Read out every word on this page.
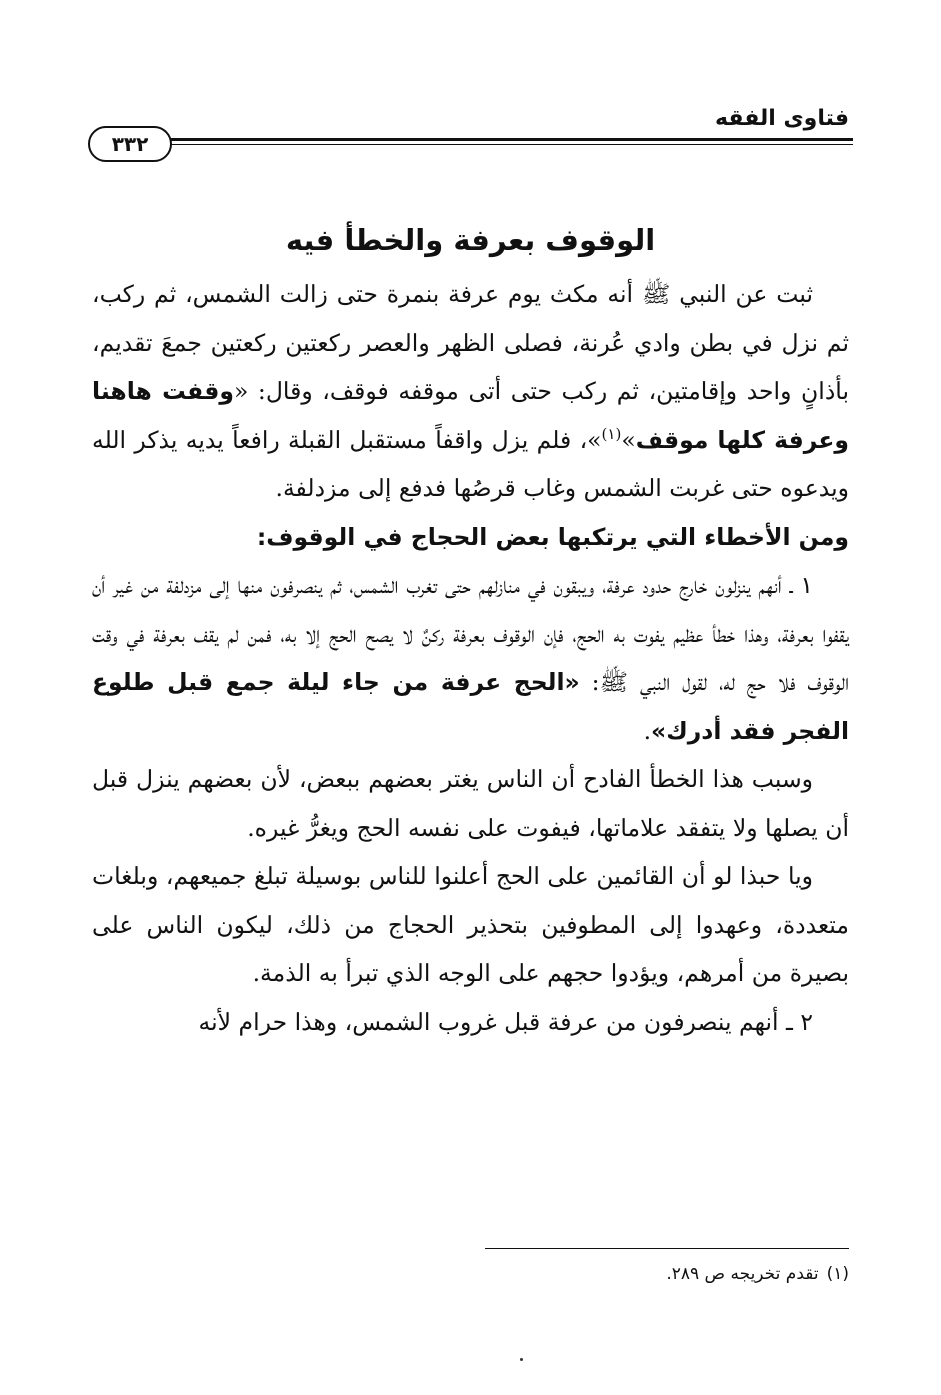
فتاوى الفقه
٣٣٢
الوقوف بعرفة والخطأ فيه

ثبت عن النبي ﷺ أنه مكث يوم عرفة بنمرة حتى زالت الشمس، ثم ركب، ثم نزل في بطن وادي عُرنة، فصلى الظهر والعصر ركعتين ركعتين جمعَ تقديم، بأذانٍ واحد وإقامتين، ثم ركب حتى أتى موقفه فوقف، وقال: «وقفت هاهنا وعرفة كلها موقف»$^{(١)}$»، فلم يزل واقفاً مستقبل القبلة رافعاً يديه يذكر الله ويدعوه حتى غربت الشمس وغاب قرصُها فدفع إلى مزدلفة.

ومن الأخطاء التي يرتكبها بعض الحجاج في الوقوف:

١ ـ أنهم ينزلون خارج حدود عرفة، ويبقون في منازلهم حتى تغرب الشمس، ثم ينصرفون منها إلى مزدلفة من غير أن يقفوا بعرفة، وهذا خطأ عظيم يفوت به الحج، فإن الوقوف بعرفة ركنٌ لا يصح الحج إلا به، فمن لم يقف بعرفة في وقت الوقوف فلا حج له، لقول النبي ﷺ: «الحج عرفة من جاء ليلة جمع قبل طلوع الفجر فقد أدرك».

وسبب هذا الخطأ الفادح أن الناس يغتر بعضهم ببعض، لأن بعضهم ينزل قبل أن يصلها ولا يتفقد علاماتها، فيفوت على نفسه الحج ويغرُّ غيره.

ويا حبذا لو أن القائمين على الحج أعلنوا للناس بوسيلة تبلغ جميعهم، وبلغات متعددة، وعهدوا إلى المطوفين بتحذير الحجاج من ذلك، ليكون الناس على بصيرة من أمرهم، ويؤدوا حجهم على الوجه الذي تبرأ به الذمة.

٢ ـ أنهم ينصرفون من عرفة قبل غروب الشمس، وهذا حرام لأنه

(١)تقدم تخريجه ص ٢٨٩.
